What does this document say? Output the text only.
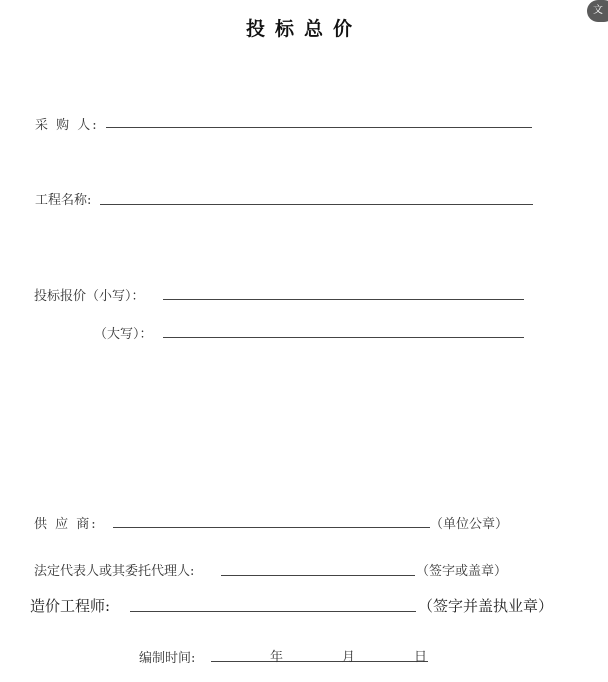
投标总价
文
采 购 人:
工程名称:
投标报价（小写）：
（大写）：
供 应 商:	（单位公章）
法定代表人或其委托代理人:	（签字或盖章）
造价工程师:	（签字并盖执业章）
编制时间:	年	月	日
